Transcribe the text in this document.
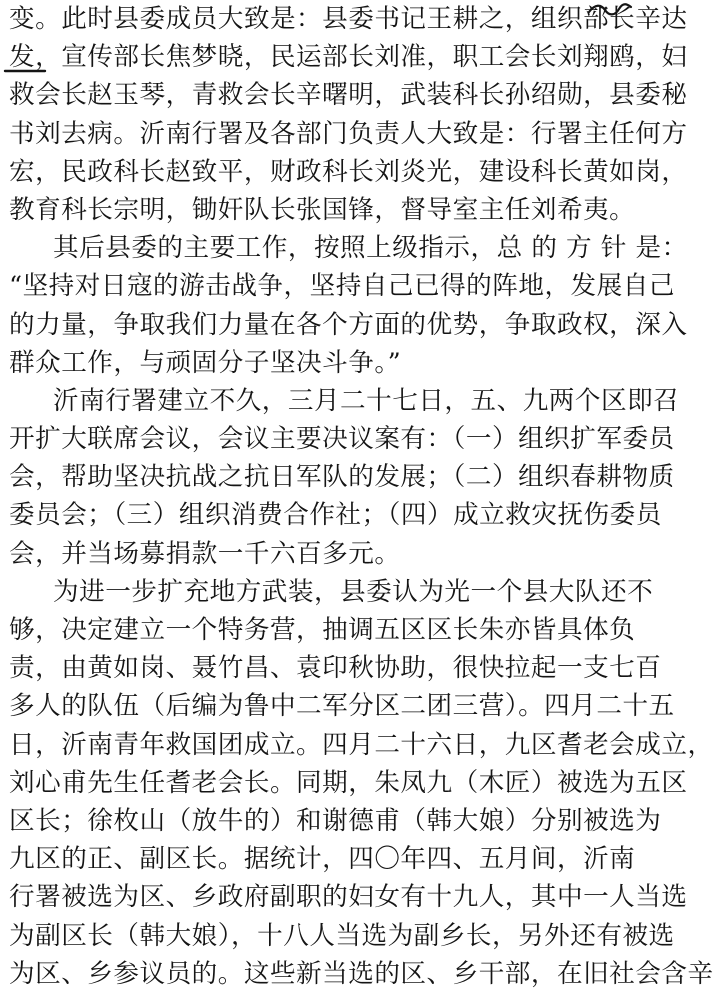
变。此时县委成员大致是：县委书记王耕之，组织部长辛达
发，宣传部长焦梦晓，民运部长刘准，职工会长刘翔鸥，妇
救会长赵玉琴，青救会长辛曙明，武装科长孙绍勋，县委秘
书刘去病。沂南行署及各部门负责人大致是：行署主任何方
宏，民政科长赵致平，财政科长刘炎光，建设科长黄如岗，
教育科长宗明，锄奸队长张国锋，督导室主任刘希夷。
其后县委的主要工作，按照上级指示，总 的 方 针 是：
“坚持对日寇的游击战争，坚持自己已得的阵地，发展自己
的力量，争取我们力量在各个方面的优势，争取政权，深入
群众工作，与顽固分子坚决斗争。”
沂南行署建立不久，三月二十七日，五、九两个区即召
开扩大联席会议，会议主要决议案有：（一）组织扩军委员
会，帮助坚决抗战之抗日军队的发展；（二）组织春耕物质
委员会；（三）组织消费合作社；（四）成立救灾抚伤委员
会，并当场募捐款一千六百多元。
为进一步扩充地方武装，县委认为光一个县大队还不
够，决定建立一个特务营，抽调五区区长朱亦皆具体负
责，由黄如岗、聂竹昌、袁印秋协助，很快拉起一支七百
多人的队伍（后编为鲁中二军分区二团三营）。四月二十五
日，沂南青年救国团成立。四月二十六日，九区耆老会成立，
刘心甫先生任耆老会长。同期，朱凤九（木匠）被选为五区
区长；徐枚山（放牛的）和谢德甫（韩大娘）分别被选为
九区的正、副区长。据统计，四〇年四、五月间，沂南
行署被选为区、乡政府副职的妇女有十九人，其中一人当选
为副区长（韩大娘），十八人当选为副乡长，另外还有被选
为区、乡参议员的。这些新当选的区、乡干部，在旧社会含辛
